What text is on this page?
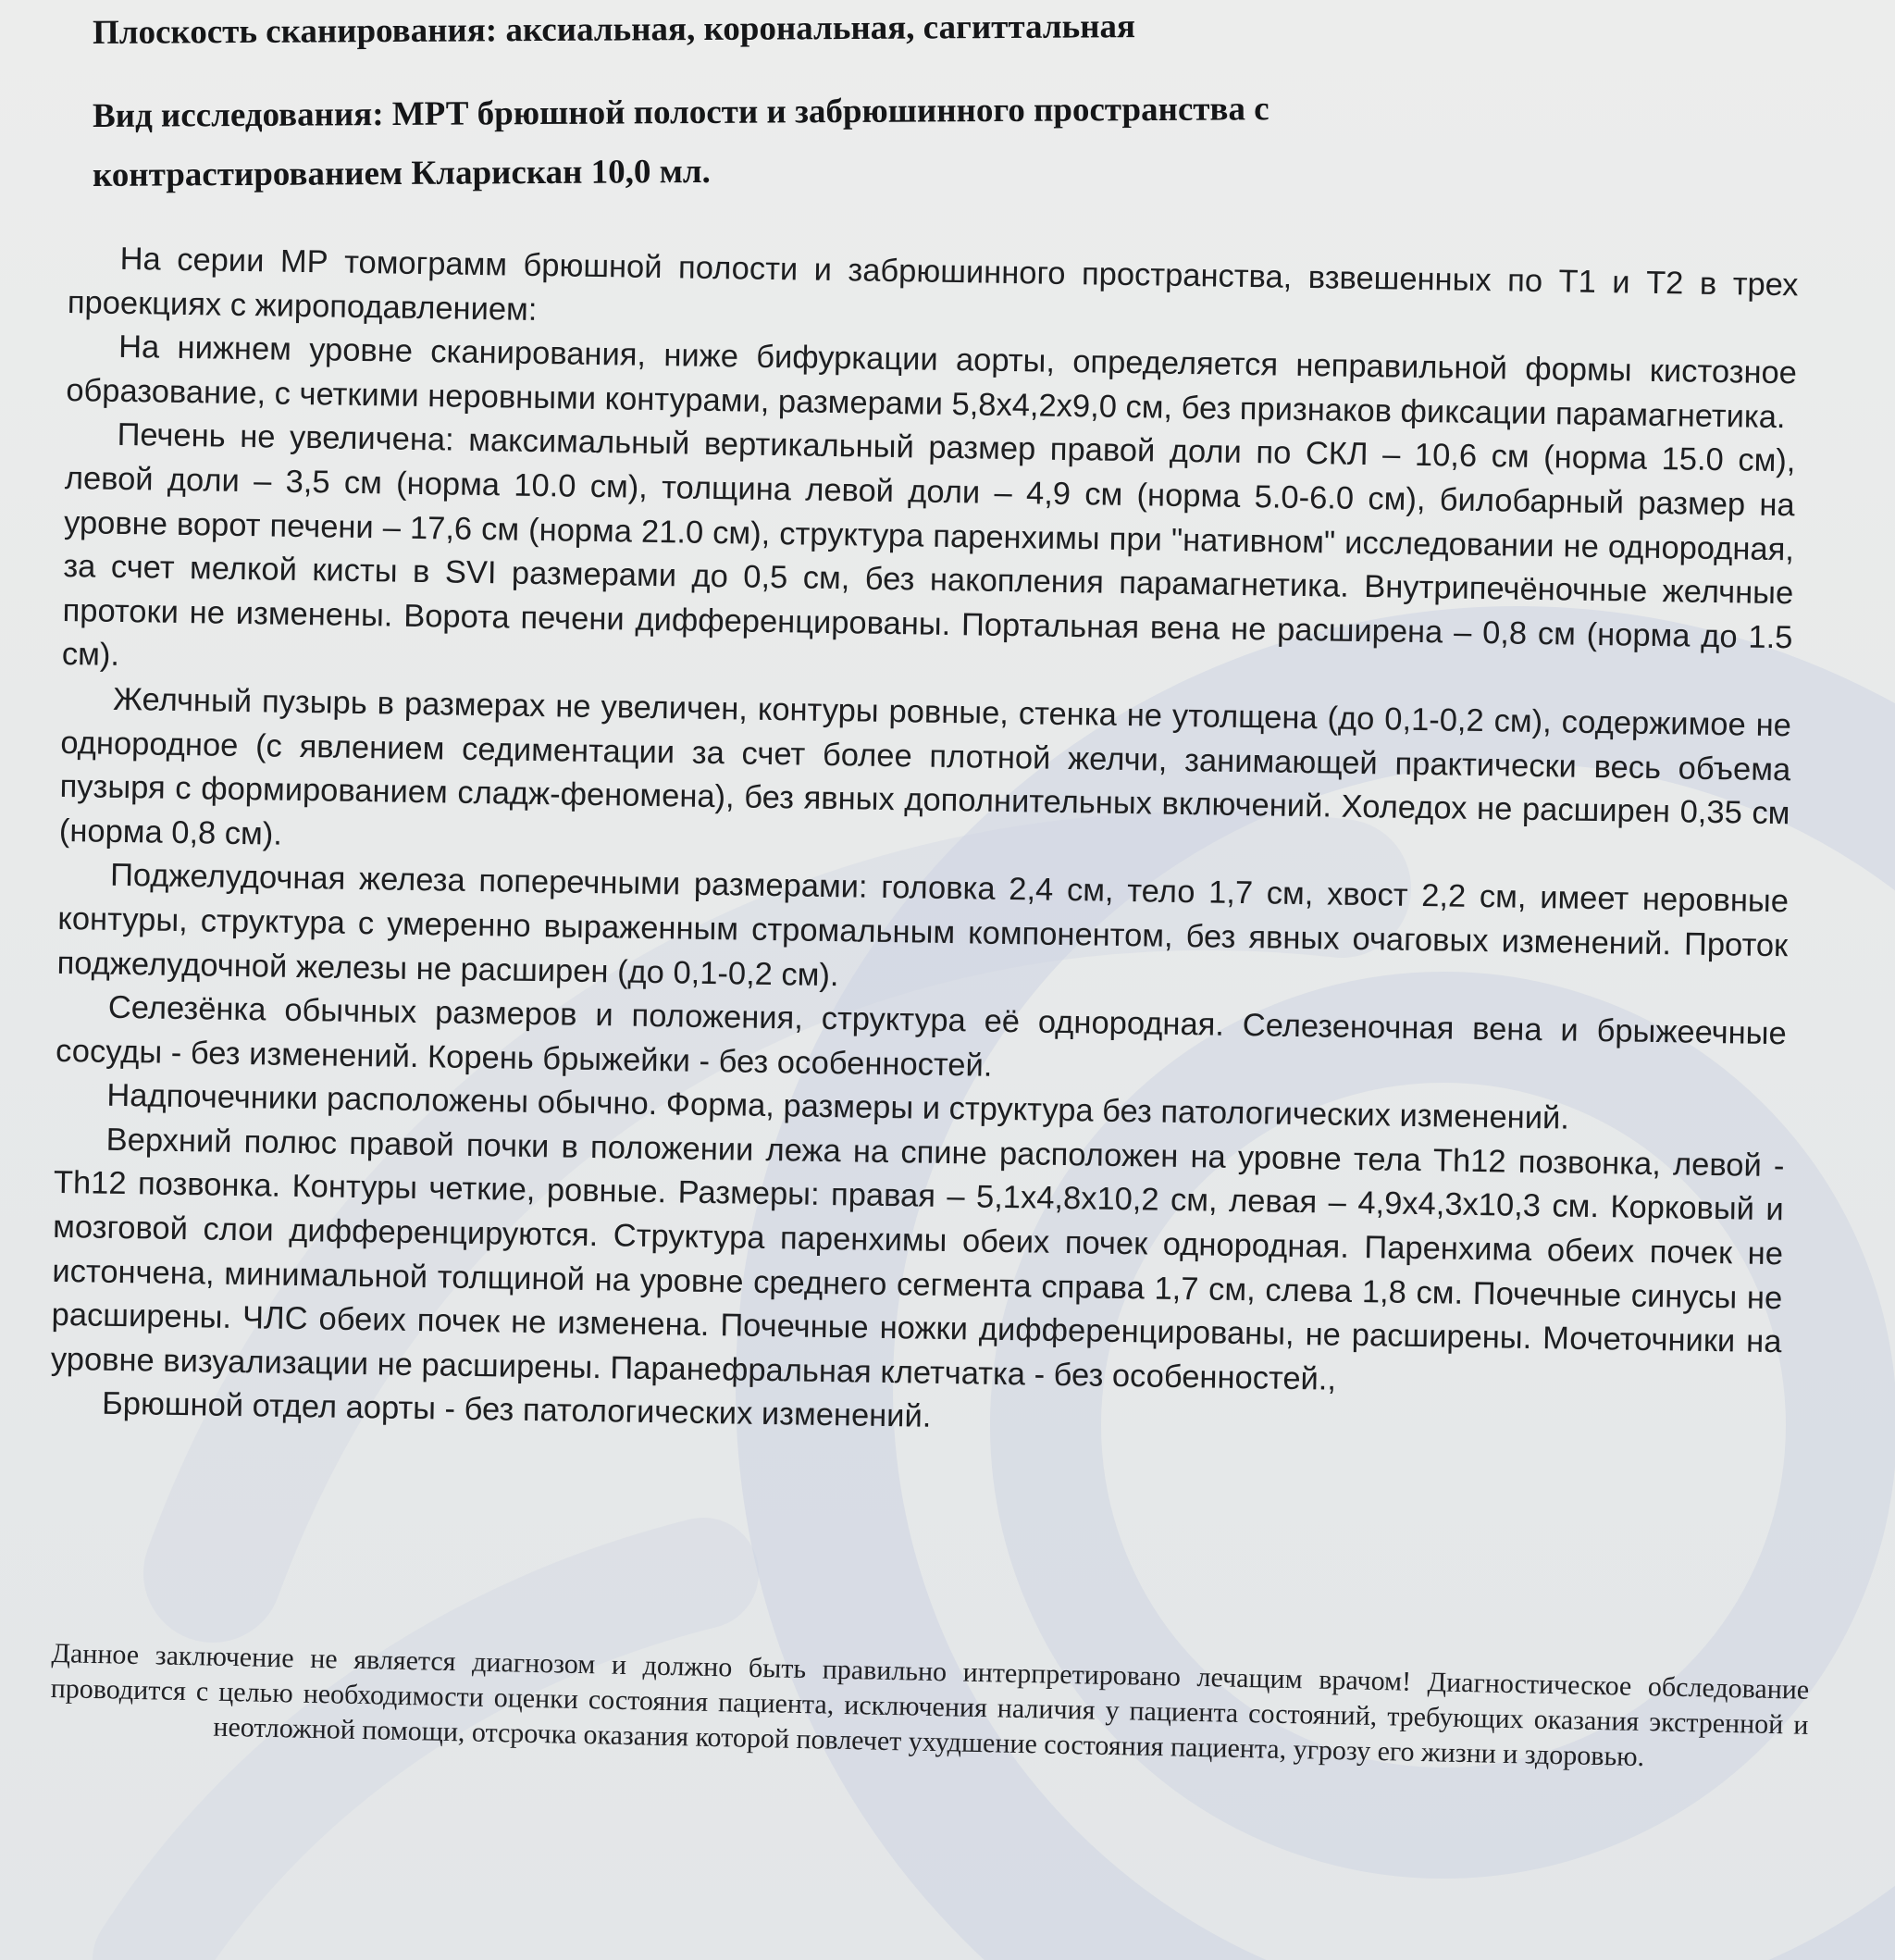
Плоскость сканирования: аксиальная, корональная, сагиттальная
Вид исследования: МРТ брюшной полости и забрюшинного пространства с
контрастированием Кларискан 10,0 мл.

На серии МР томограмм брюшной полости и забрюшинного пространства, взвешенных по Т1 и Т2 в трех проекциях с жироподавлением:

На нижнем уровне сканирования, ниже бифуркации аорты, определяется неправильной формы кистозное образование, с четкими неровными контурами, размерами 5,8х4,2х9,0 см, без признаков фиксации парамагнетика.

Печень не увеличена: максимальный вертикальный размер правой доли по СКЛ – 10,6 см (норма 15.0 см), левой доли – 3,5 см (норма 10.0 см), толщина левой доли – 4,9 см (норма 5.0-6.0 см), билобарный размер на уровне ворот печени – 17,6 см (норма 21.0 см), структура паренхимы при "нативном" исследовании не однородная, за счет мелкой кисты в SVI размерами до 0,5 см, без накопления парамагнетика. Внутрипечёночные желчные протоки не изменены. Ворота печени дифференцированы. Портальная вена не расширена – 0,8 см (норма до 1.5 см).

Желчный пузырь в размерах не увеличен, контуры ровные, стенка не утолщена (до 0,1-0,2 см), содержимое не однородное (с явлением седиментации за счет более плотной желчи, занимающей практически весь объема пузыря с формированием сладж-феномена), без явных дополнительных включений. Холедох не расширен 0,35 см (норма 0,8 см).

Поджелудочная железа поперечными размерами: головка 2,4 см, тело 1,7 см, хвост 2,2 см, имеет неровные контуры, структура с умеренно выраженным стромальным компонентом, без явных очаговых изменений. Проток поджелудочной железы не расширен (до 0,1-0,2 см).

Селезёнка обычных размеров и положения, структура её однородная. Селезеночная вена и брыжеечные сосуды - без изменений. Корень брыжейки - без особенностей.

Надпочечники расположены обычно. Форма, размеры и структура без патологических изменений.

Верхний полюс правой почки в положении лежа на спине расположен на уровне тела Th12 позвонка, левой - Th12 позвонка. Контуры четкие, ровные. Размеры: правая – 5,1х4,8х10,2 см, левая – 4,9х4,3х10,3 см. Корковый и мозговой слои дифференцируются. Структура паренхимы обеих почек однородная. Паренхима обеих почек не истончена, минимальной толщиной на уровне среднего сегмента справа 1,7 см, слева 1,8 см. Почечные синусы не расширены. ЧЛС обеих почек не изменена. Почечные ножки дифференцированы, не расширены. Мочеточники на уровне визуализации не расширены. Паранефральная клетчатка - без особенностей.,

Брюшной отдел аорты - без патологических изменений.

Данное заключение не является диагнозом и должно быть правильно интерпретировано лечащим врачом! Диагностическое обследование проводится с целью необходимости оценки состояния пациента, исключения наличия у пациента состояний, требующих оказания экстренной и неотложной помощи, отсрочка оказания которой повлечет ухудшение состояния пациента, угрозу его жизни и здоровью.
